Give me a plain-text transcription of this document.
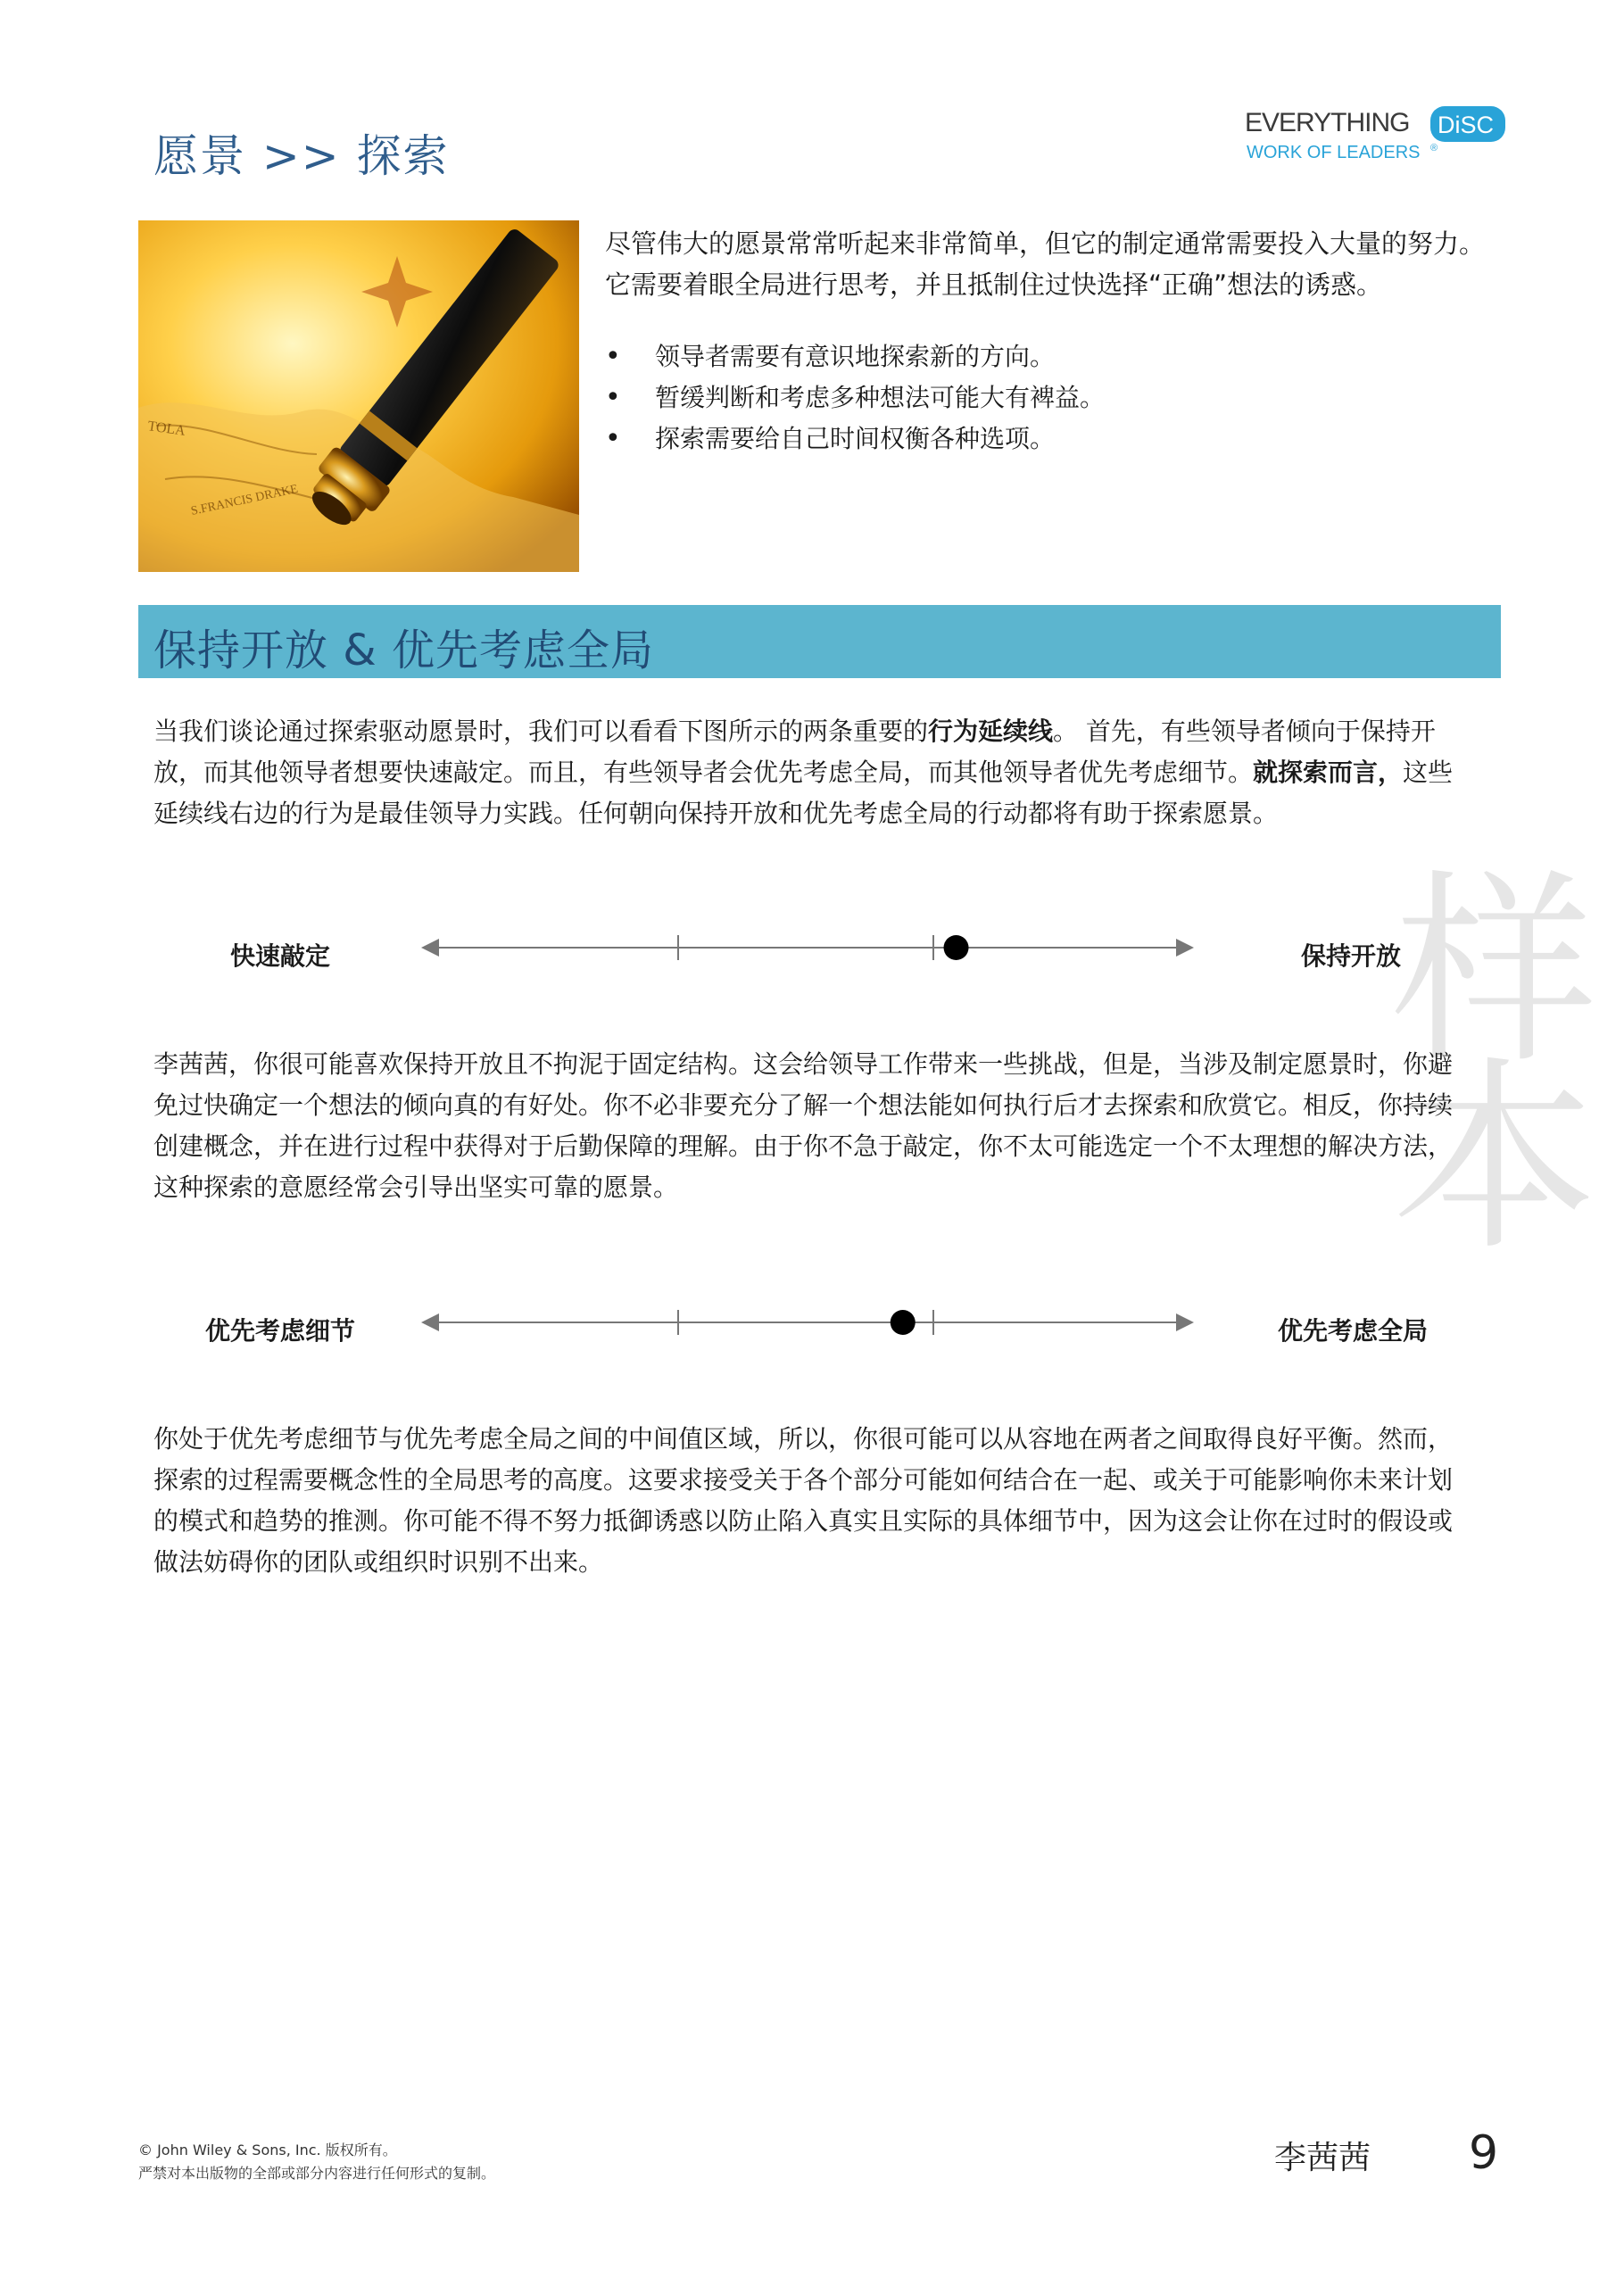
愿景 >> 探索
EVERYTHING DiSC
WORK OF LEADERS ®
TOLA
S.FRANCIS DRAKE
尽管伟大的愿景常常听起来非常简单，但它的制定通常需要投入大量的努力。它需要着眼全局进行思考，并且抵制住过快选择“正确”想法的诱惑。
• 领导者需要有意识地探索新的方向。
• 暂缓判断和考虑多种想法可能大有裨益。
• 探索需要给自己时间权衡各种选项。
保持开放 & 优先考虑全局

当我们谈论通过探索驱动愿景时，我们可以看看下图所示的两条重要的行为延续线。 首先，有些领导者倾向于保持开放，而其他领导者想要快速敲定。而且，有些领导者会优先考虑全局，而其他领导者优先考虑细节。就探索而言，这些延续线右边的行为是最佳领导力实践。任何朝向保持开放和优先考虑全局的行动都将有助于探索愿景。

样本
快速敲定	保持开放

李茜茜，你很可能喜欢保持开放且不拘泥于固定结构。这会给领导工作带来一些挑战，但是，当涉及制定愿景时，你避免过快确定一个想法的倾向真的有好处。你不必非要充分了解一个想法能如何执行后才去探索和欣赏它。相反，你持续创建概念，并在进行过程中获得对于后勤保障的理解。由于你不急于敲定，你不太可能选定一个不太理想的解决方法，这种探索的意愿经常会引导出坚实可靠的愿景。

优先考虑细节	优先考虑全局

你处于优先考虑细节与优先考虑全局之间的中间值区域，所以，你很可能可以从容地在两者之间取得良好平衡。然而，探索的过程需要概念性的全局思考的高度。这要求接受关于各个部分可能如何结合在一起、或关于可能影响你未来计划的模式和趋势的推测。你可能不得不努力抵御诱惑以防止陷入真实且实际的具体细节中，因为这会让你在过时的假设或做法妨碍你的团队或组织时识别不出来。

© John Wiley & Sons, Inc. 版权所有。
严禁对本出版物的全部或部分内容进行任何形式的复制。	李茜茜 9
